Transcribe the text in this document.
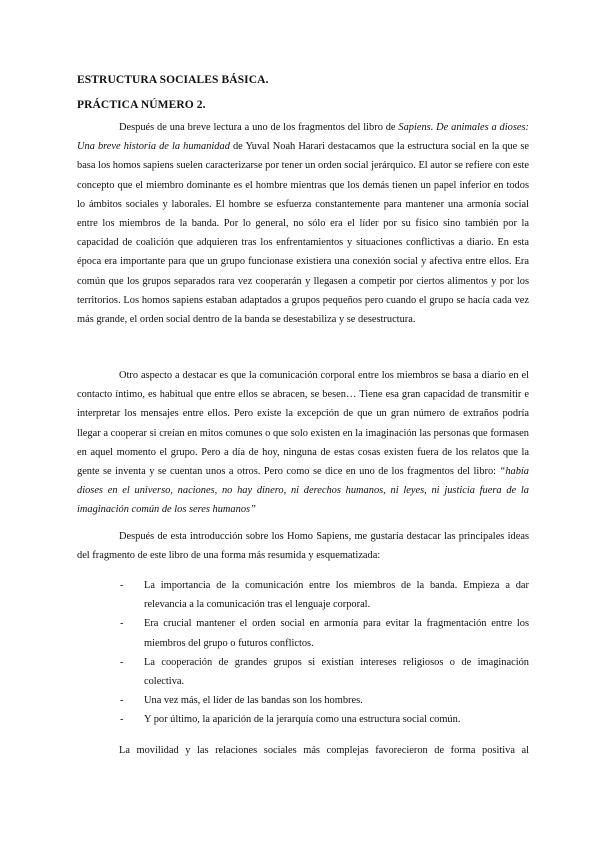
ESTRUCTURA SOCIALES BÁSICA.
PRÁCTICA NÚMERO 2.

Después de una breve lectura a uno de los fragmentos del libro de Sapiens. De animales a dioses: Una breve historia de la humanidad de Yuval Noah Harari destacamos que la estructura social en la que se basa los homos sapiens suelen caracterizarse por tener un orden social jerárquico. El autor se refiere con este concepto que el miembro dominante es el hombre mientras que los demás tienen un papel inferior en todos lo ámbitos sociales y laborales. El hombre se esfuerza constantemente para mantener una armonía social entre los miembros de la banda. Por lo general, no sólo era el líder por su físico sino también por la capacidad de coalición que adquieren tras los enfrentamientos y situaciones conflictivas a diario. En esta época era importante para que un grupo funcionase existiera una conexión social y afectiva entre ellos. Era común que los grupos separados rara vez cooperarán y llegasen a competir por ciertos alimentos y por los territorios. Los homos sapiens estaban adaptados a grupos pequeños pero cuando el grupo se hacía cada vez más grande, el orden social dentro de la banda se desestabiliza y se desestructura.

Otro aspecto a destacar es que la comunicación corporal entre los miembros se basa a diario en el contacto íntimo, es habitual que entre ellos se abracen, se besen… Tiene esa gran capacidad de transmitir e interpretar los mensajes entre ellos. Pero existe la excepción de que un gran número de extraños podría llegar a cooperar si creían en mitos comunes o que solo existen en la imaginación las personas que formasen en aquel momento el grupo. Pero a día de hoy, ninguna de estas cosas existen fuera de los relatos que la gente se inventa y se cuentan unos a otros. Pero como se dice en uno de los fragmentos del libro: “había dioses en el universo, naciones, no hay dinero, ni derechos humanos, ni leyes, ni justicia fuera de la imaginación común de los seres humanos”

Después de esta introducción sobre los Homo Sapiens, me gustaría destacar las principales ideas del fragmento de este libro de una forma más resumida y esquematizada:

- La importancia de la comunicación entre los miembros de la banda. Empieza a dar relevancia a la comunicación tras el lenguaje corporal.
- Era crucial mantener el orden social en armonía para evitar la fragmentación entre los miembros del grupo o futuros conflictos.
- La cooperación de grandes grupos si existían intereses religiosos o de imaginación colectiva.
- Una vez más, el líder de las bandas son los hombres.
- Y por último, la aparición de la jerarquía como una estructura social común.

La movilidad y las relaciones sociales más complejas favorecieron de forma positiva al
